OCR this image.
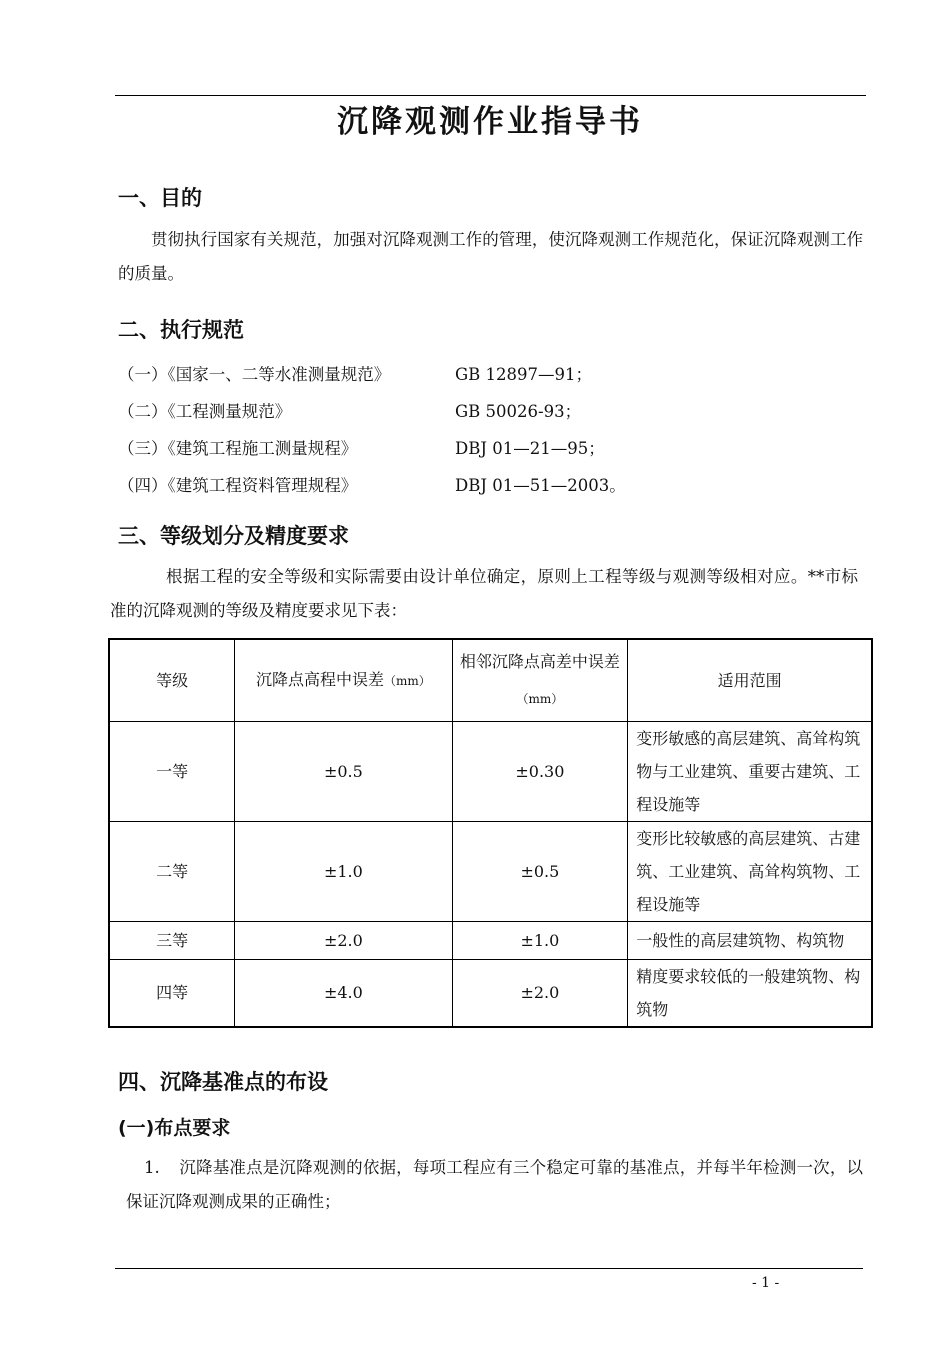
沉降观测作业指导书
一、目的
贯彻执行国家有关规范，加强对沉降观测工作的管理，使沉降观测工作规范化，保证沉降观测工作的质量。
二、执行规范
（一）《国家一、二等水准测量规范》	GB 12897—91；
（二）《工程测量规范》	GB 50026-93；
（三）《建筑工程施工测量规程》	DBJ 01—21—95；
（四）《建筑工程资料管理规程》	DBJ 01—51—2003。
三、等级划分及精度要求
根据工程的安全等级和实际需要由设计单位确定，原则上工程等级与观测等级相对应。**市标准的沉降观测的等级及精度要求见下表：
等级	沉降点高程中误差（mm）	相邻沉降点高差中误差（mm）	适用范围
一等	±0.5	±0.30	变形敏感的高层建筑、高耸构筑物与工业建筑、重要古建筑、工程设施等
二等	±1.0	±0.5	变形比较敏感的高层建筑、古建筑、工业建筑、高耸构筑物、工程设施等
三等	±2.0	±1.0	一般性的高层建筑物、构筑物
四等	±4.0	±2.0	精度要求较低的一般建筑物、构筑物
四、沉降基准点的布设
(一)布点要求
1. 沉降基准点是沉降观测的依据，每项工程应有三个稳定可靠的基准点，并每半年检测一次，以保证沉降观测成果的正确性；
- 1 -
